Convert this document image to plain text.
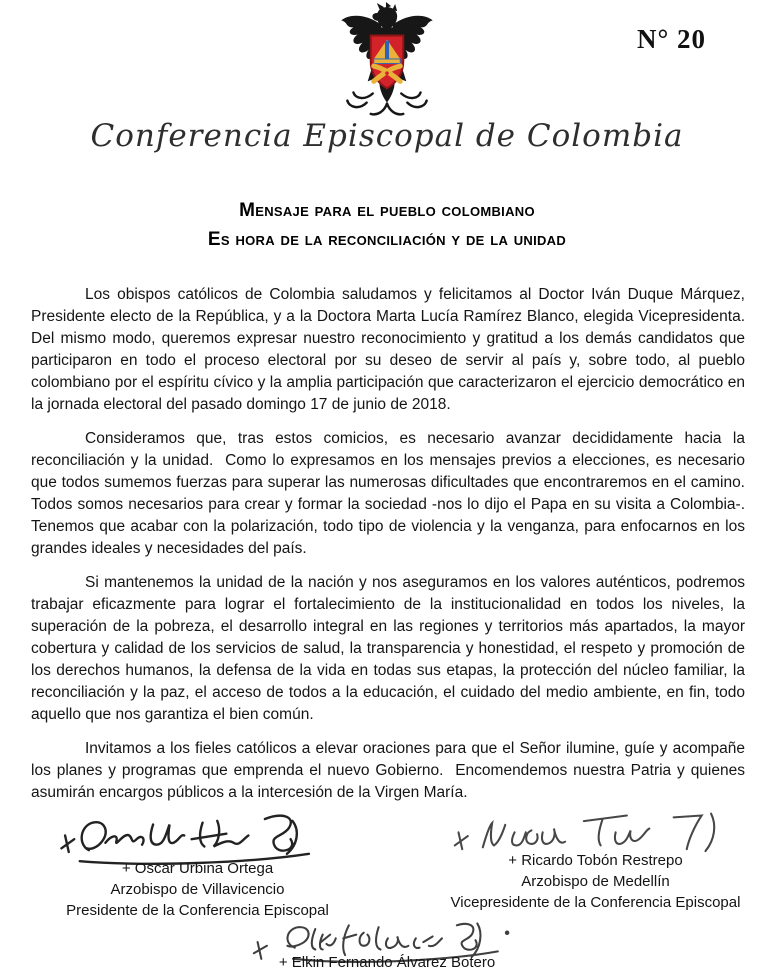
N° 20
Conferencia Episcopal de Colombia
Mensaje para el pueblo colombiano
Es hora de la reconciliación y de la unidad

Los obispos católicos de Colombia saludamos y felicitamos al Doctor Iván Duque Márquez, Presidente electo de la República, y a la Doctora Marta Lucía Ramírez Blanco, elegida Vicepresidenta.  Del mismo modo, queremos expresar nuestro reconocimiento y gratitud a los demás candidatos que participaron en todo el proceso electoral por su deseo de servir al país y, sobre todo, al pueblo colombiano por el espíritu cívico y la amplia participación que caracterizaron el ejercicio democrático en la jornada electoral del pasado domingo 17 de junio de 2018.

Consideramos que, tras estos comicios, es necesario avanzar decididamente hacia la reconciliación y la unidad.  Como lo expresamos en los mensajes previos a elecciones, es necesario que todos sumemos fuerzas para superar las numerosas dificultades que encontraremos en el camino.  Todos somos necesarios para crear y formar la sociedad -nos lo dijo el Papa en su visita a Colombia-. Tenemos que acabar con la polarización, todo tipo de violencia y la venganza, para enfocarnos en los grandes ideales y necesidades del país.

Si mantenemos la unidad de la nación y nos aseguramos en los valores auténticos, podremos trabajar eficazmente para lograr el fortalecimiento de la institucionalidad en todos los niveles, la superación de la pobreza, el desarrollo integral en las regiones y territorios más apartados, la mayor cobertura y calidad de los servicios de salud, la transparencia y honestidad, el respeto y promoción de los derechos humanos, la defensa de la vida en todas sus etapas, la protección del núcleo familiar, la reconciliación y la paz, el acceso de todos a la educación, el cuidado del medio ambiente, en fin, todo aquello que nos garantiza el bien común.

Invitamos a los fieles católicos a elevar oraciones para que el Señor ilumine, guíe y acompañe los planes y programas que emprenda el nuevo Gobierno.  Encomendemos nuestra Patria y quienes asumirán encargos públicos a la intercesión de la Virgen María.

+ Oscar Urbina Ortega
Arzobispo de Villavicencio
Presidente de la Conferencia Episcopal
+ Ricardo Tobón Restrepo
Arzobispo de Medellín
Vicepresidente de la Conferencia Episcopal
+ Elkin Fernando Álvarez Botero
